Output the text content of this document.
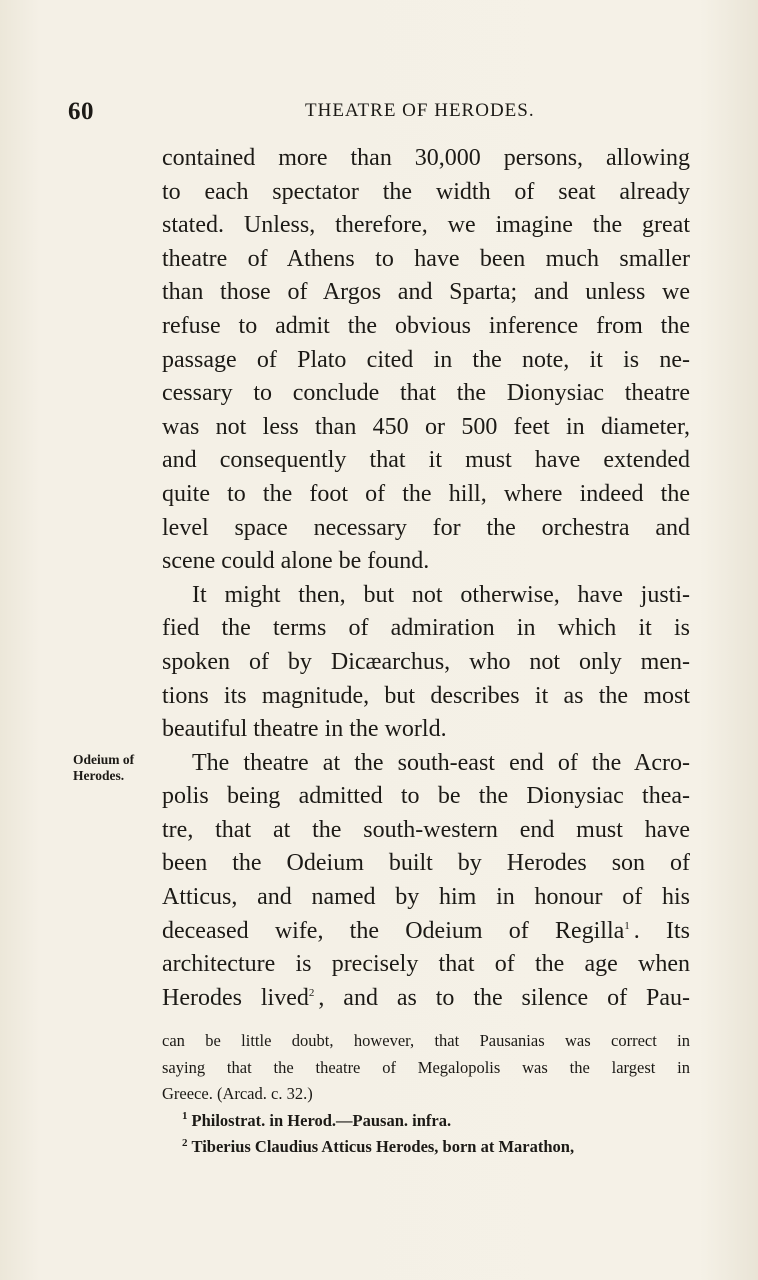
60	THEATRE OF HERODES.
contained more than 30,000 persons, allowing
to each spectator the width of seat already
stated. Unless, therefore, we imagine the great
theatre of Athens to have been much smaller
than those of Argos and Sparta; and unless we
refuse to admit the obvious inference from the
passage of Plato cited in the note, it is ne-
cessary to conclude that the Dionysiac theatre
was not less than 450 or 500 feet in diameter,
and consequently that it must have extended
quite to the foot of the hill, where indeed the
level space necessary for the orchestra and
scene could alone be found.
It might then, but not otherwise, have justi-
fied the terms of admiration in which it is
spoken of by Dicæarchus, who not only men-
tions its magnitude, but describes it as the most
beautiful theatre in the world.
The theatre at the south-east end of the Acro-
polis being admitted to be the Dionysiac thea-
tre, that at the south-western end must have
been the Odeium built by Herodes son of
Atticus, and named by him in honour of his
deceased wife, the Odeium of Regilla$^1$ . Its
architecture is precisely that of the age when
Herodes lived$^2$ , and as to the silence of Pau-
Odeium of
Herodes.
can be little doubt, however, that Pausanias was correct in
saying that the theatre of Megalopolis was the largest in
Greece. (Arcad. c. 32.)
$^1$ Philostrat. in Herod.—Pausan. infra.
$^2$ Tiberius Claudius Atticus Herodes, born at Marathon,
